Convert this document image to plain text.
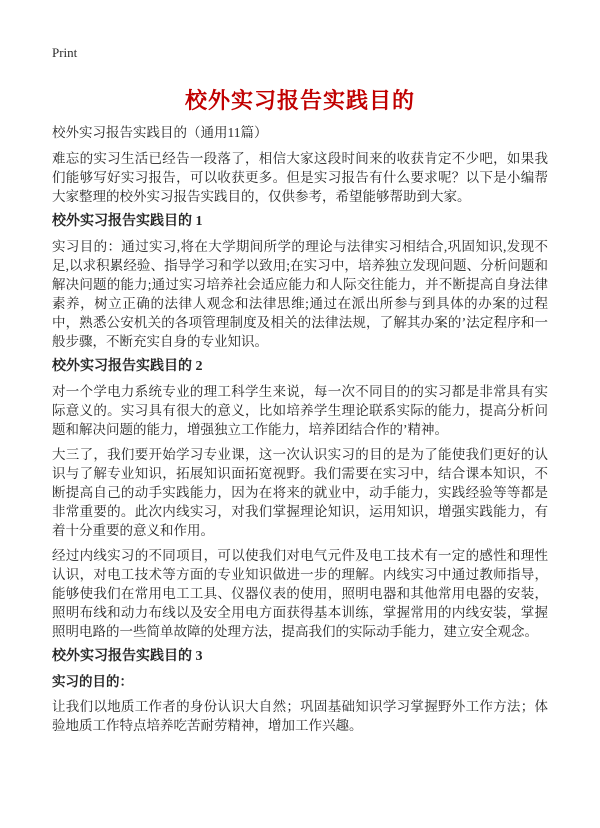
Print
校外实习报告实践目的

校外实习报告实践目的（通用11篇）

难忘的实习生活已经告一段落了，相信大家这段时间来的收获肯定不少吧，如果我们能够写好实习报告，可以收获更多。但是实习报告有什么要求呢？以下是小编帮大家整理的校外实习报告实践目的，仅供参考，希望能够帮助到大家。

校外实习报告实践目的 1

实习目的：通过实习,将在大学期间所学的理论与法律实习相结合,巩固知识,发现不足,以求积累经验、指导学习和学以致用;在实习中，培养独立发现问题、分析问题和解决问题的能力;通过实习培养社会适应能力和人际交往能力，并不断提高自身法律素养，树立正确的法律人观念和法律思维;通过在派出所参与到具体的办案的过程中，熟悉公安机关的各项管理制度及相关的法律法规，了解其办案的’法定程序和一般步骤，不断充实自身的专业知识。

校外实习报告实践目的 2

对一个学电力系统专业的理工科学生来说，每一次不同目的的实习都是非常具有实际意义的。实习具有很大的意义，比如培养学生理论联系实际的能力，提高分析问题和解决问题的能力，增强独立工作能力，培养团结合作的’精神。

大三了，我们要开始学习专业课，这一次认识实习的目的是为了能使我们更好的认识与了解专业知识，拓展知识面拓宽视野。我们需要在实习中，结合课本知识，不断提高自己的动手实践能力，因为在将来的就业中，动手能力，实践经验等等都是非常重要的。此次内线实习，对我们掌握理论知识，运用知识，增强实践能力，有着十分重要的意义和作用。

经过内线实习的不同项目，可以使我们对电气元件及电工技术有一定的感性和理性认识，对电工技术等方面的专业知识做进一步的理解。内线实习中通过教师指导，能够使我们在常用电工工具、仪器仪表的使用，照明电器和其他常用电器的安装，照明布线和动力布线以及安全用电方面获得基本训练，掌握常用的内线安装，掌握照明电路的一些简单故障的处理方法，提高我们的实际动手能力，建立安全观念。

校外实习报告实践目的 3

实习的目的：

让我们以地质工作者的身份认识大自然；巩固基础知识学习掌握野外工作方法；体验地质工作特点培养吃苦耐劳精神，增加工作兴趣。
